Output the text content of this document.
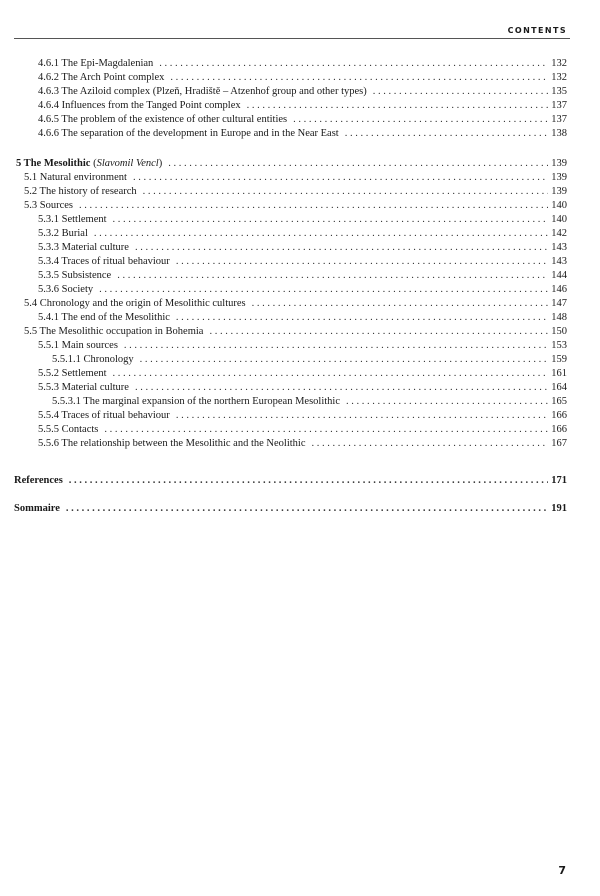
CONTENTS
4.6.1 The Epi-Magdalenian . . .	132
4.6.2 The Arch Point complex . . .	132
4.6.3 The Aziloid complex (Plzeň, Hradiště – Atzenhof group and other types) . . .	135
4.6.4 Influences from the Tanged Point complex . . .	137
4.6.5 The problem of the existence of other cultural entities . . .	137
4.6.6 The separation of the development in Europe and in the Near East . . .	138
5 The Mesolithic (Slavomil Vencl) . . .	139
5.1 Natural environment . . .	139
5.2 The history of research . . .	139
5.3 Sources . . .	140
5.3.1 Settlement . . .	140
5.3.2 Burial . . .	142
5.3.3 Material culture . . .	143
5.3.4 Traces of ritual behaviour . . .	143
5.3.5 Subsistence . . .	144
5.3.6 Society . . .	146
5.4 Chronology and the origin of Mesolithic cultures . . .	147
5.4.1 The end of the Mesolithic . . .	148
5.5 The Mesolithic occupation in Bohemia . . .	150
5.5.1 Main sources . . .	153
5.5.1.1 Chronology . . .	159
5.5.2 Settlement . . .	161
5.5.3 Material culture . . .	164
5.5.3.1 The marginal expansion of the northern European Mesolithic . . .	165
5.5.4 Traces of ritual behaviour . . .	166
5.5.5 Contacts . . .	166
5.5.6 The relationship between the Mesolithic and the Neolithic . . .	167
References . . .	171
Sommaire . . .	191
7
